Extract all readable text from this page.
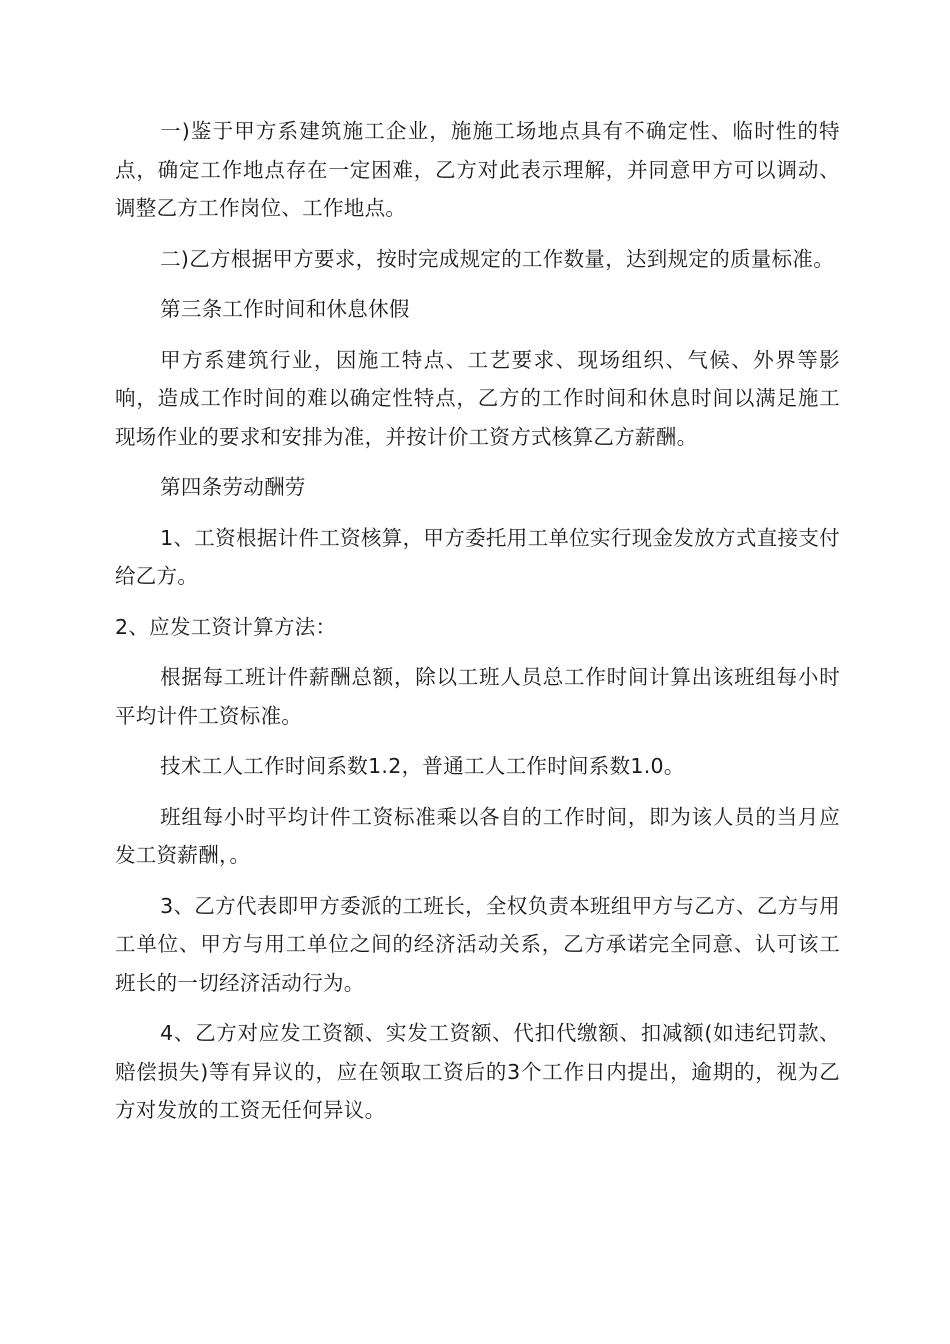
一)鉴于甲方系建筑施工企业，施施工场地点具有不确定性、临时性的特点，确定工作地点存在一定困难，乙方对此表示理解，并同意甲方可以调动、调整乙方工作岗位、工作地点。

二)乙方根据甲方要求，按时完成规定的工作数量，达到规定的质量标准。

第三条工作时间和休息休假

甲方系建筑行业，因施工特点、工艺要求、现场组织、气候、外界等影响，造成工作时间的难以确定性特点，乙方的工作时间和休息时间以满足施工现场作业的要求和安排为准，并按计价工资方式核算乙方薪酬。

第四条劳动酬劳

1、工资根据计件工资核算，甲方委托用工单位实行现金发放方式直接支付给乙方。

2、应发工资计算方法：

根据每工班计件薪酬总额，除以工班人员总工作时间计算出该班组每小时平均计件工资标准。

技术工人工作时间系数1.2，普通工人工作时间系数1.0。

班组每小时平均计件工资标准乘以各自的工作时间，即为该人员的当月应发工资薪酬，。

3、乙方代表即甲方委派的工班长，全权负责本班组甲方与乙方、乙方与用工单位、甲方与用工单位之间的经济活动关系，乙方承诺完全同意、认可该工班长的一切经济活动行为。

4、乙方对应发工资额、实发工资额、代扣代缴额、扣减额(如违纪罚款、赔偿损失)等有异议的，应在领取工资后的3个工作日内提出，逾期的，视为乙方对发放的工资无任何异议。
